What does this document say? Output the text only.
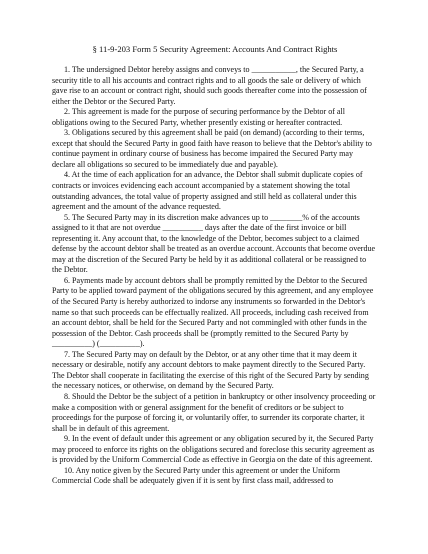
§ 11-9-203 Form 5 Security Agreement: Accounts And Contract Rights

1. The undersigned Debtor hereby assigns and conveys to ___________, the Secured Party, a security title to all his accounts and contract rights and to all goods the sale or delivery of which gave rise to an account or contract right, should such goods thereafter come into the possession of either the Debtor or the Secured Party.

2. This agreement is made for the purpose of securing performance by the Debtor of all obligations owing to the Secured Party, whether presently existing or hereafter contracted.

3. Obligations secured by this agreement shall be paid (on demand) (according to their terms, except that should the Secured Party in good faith have reason to believe that the Debtor's ability to continue payment in ordinary course of business has become impaired the Secured Party may declare all obligations so secured to be immediately due and payable).

4. At the time of each application for an advance, the Debtor shall submit duplicate copies of contracts or invoices evidencing each account accompanied by a statement showing the total outstanding advances, the total value of property assigned and still held as collateral under this agreement and the amount of the advance requested.

5. The Secured Party may in its discretion make advances up to ________% of the accounts assigned to it that are not overdue __________ days after the date of the first invoice or bill representing it. Any account that, to the knowledge of the Debtor, becomes subject to a claimed defense by the account debtor shall be treated as an overdue account. Accounts that become overdue may at the discretion of the Secured Party be held by it as additional collateral or be reassigned to the Debtor.

6. Payments made by account debtors shall be promptly remitted by the Debtor to the Secured Party to be applied toward payment of the obligations secured by this agreement, and any employee of the Secured Party is hereby authorized to indorse any instruments so forwarded in the Debtor's name so that such proceeds can be effectually realized. All proceeds, including cash received from an account debtor, shall be held for the Secured Party and not commingled with other funds in the possession of the Debtor. Cash proceeds shall be (promptly remitted to the Secured Party by __________) (__________).

7. The Secured Party may on default by the Debtor, or at any other time that it may deem it necessary or desirable, notify any account debtors to make payment directly to the Secured Party. The Debtor shall cooperate in facilitating the exercise of this right of the Secured Party by sending the necessary notices, or otherwise, on demand by the Secured Party.

8. Should the Debtor be the subject of a petition in bankruptcy or other insolvency proceeding or make a composition with or general assignment for the benefit of creditors or be subject to proceedings for the purpose of forcing it, or voluntarily offer, to surrender its corporate charter, it shall be in default of this agreement.

9. In the event of default under this agreement or any obligation secured by it, the Secured Party may proceed to enforce its rights on the obligations secured and foreclose this security agreement as is provided by the Uniform Commercial Code as effective in Georgia on the date of this agreement.

10. Any notice given by the Secured Party under this agreement or under the Uniform Commercial Code shall be adequately given if it is sent by first class mail, addressed to
